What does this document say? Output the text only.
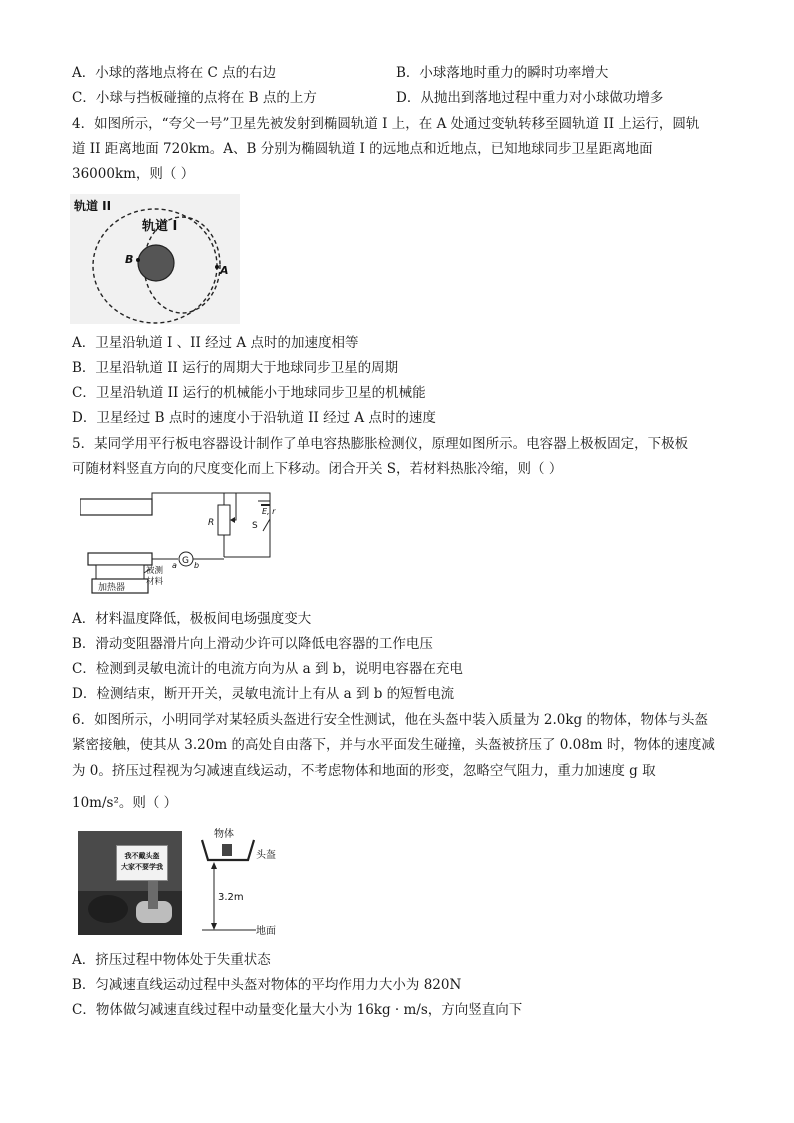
A．小球的落地点将在 C 点的右边	B．小球落地时重力的瞬时功率增大
C．小球与挡板碰撞的点将在 B 点的上方	D．从抛出到落地过程中重力对小球做功增多
4．如图所示，“夸父一号”卫星先被发射到椭圆轨道 I 上，在 A 处通过变轨转移至圆轨道 II 上运行，圆轨
道 II 距离地面 720km。A、B 分别为椭圆轨道 I 的远地点和近地点，已知地球同步卫星距离地面
36000km，则（ ）
轨道 II
轨道 I
B
A
A．卫星沿轨道 I 、II 经过 A 点时的加速度相等
B．卫星沿轨道 II 运行的周期大于地球同步卫星的周期
C．卫星沿轨道 II 运行的机械能小于地球同步卫星的机械能
D．卫星经过 B 点时的速度小于沿轨道 II 经过 A 点时的速度
5．某同学用平行板电容器设计制作了单电容热膨胀检测仪，原理如图所示。电容器上极板固定，下极板
可随材料竖直方向的尺度变化而上下移动。闭合开关 S，若材料热胀冷缩，则（ ）
加热器
E, r
S
R
G
a b
被测
材料
A．材料温度降低，极板间电场强度变大
B．滑动变阻器滑片向上滑动少许可以降低电容器的工作电压
C．检测到灵敏电流计的电流方向为从 a 到 b，说明电容器在充电
D．检测结束，断开开关，灵敏电流计上有从 a 到 b 的短暂电流
6．如图所示，小明同学对某轻质头盔进行安全性测试，他在头盔中装入质量为 2.0kg 的物体，物体与头盔
紧密接触，使其从 3.20m 的高处自由落下，并与水平面发生碰撞，头盔被挤压了 0.08m 时，物体的速度减
为 0。挤压过程视为匀减速直线运动，不考虑物体和地面的形变，忽略空气阻力，重力加速度 g 取
10m/s²。则（ ）
我不戴头盔
大家不要学我
物体
头盔
3.2m
地面
A．挤压过程中物体处于失重状态
B．匀减速直线运动过程中头盔对物体的平均作用力大小为 820N
C．物体做匀减速直线过程中动量变化量大小为 16kg · m/s，方向竖直向下
